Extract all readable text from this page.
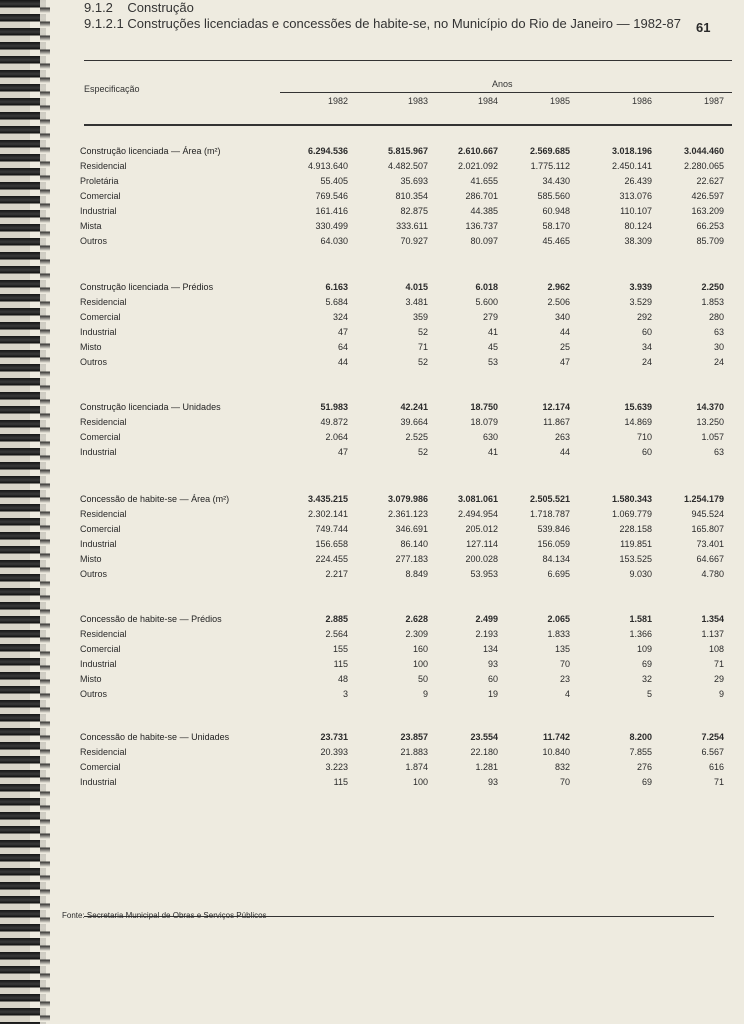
9.1.2 Construção
9.1.2.1 Construções licenciadas e concessões de habite-se, no Município do Rio de Janeiro — 1982-87 61
Especificação	Anos
1982	1983	1984	1985	1986	1987
Construção licenciada — Área (m²)	6.294.536	5.815.967	2.610.667	2.569.685	3.018.196	3.044.460
Residencial	4.913.640	4.482.507	2.021.092	1.775.112	2.450.141	2.280.065
Proletária	55.405	35.693	41.655	34.430	26.439	22.627
Comercial	769.546	810.354	286.701	585.560	313.076	426.597
Industrial	161.416	82.875	44.385	60.948	110.107	163.209
Mista	330.499	333.611	136.737	58.170	80.124	66.253
Outros	64.030	70.927	80.097	45.465	38.309	85.709
Construção licenciada — Prédios	6.163	4.015	6.018	2.962	3.939	2.250
Residencial	5.684	3.481	5.600	2.506	3.529	1.853
Comercial	324	359	279	340	292	280
Industrial	47	52	41	44	60	63
Misto	64	71	45	25	34	30
Outros	44	52	53	47	24	24
Construção licenciada — Unidades	51.983	42.241	18.750	12.174	15.639	14.370
Residencial	49.872	39.664	18.079	11.867	14.869	13.250
Comercial	2.064	2.525	630	263	710	1.057
Industrial	47	52	41	44	60	63
Concessão de habite-se — Área (m²)	3.435.215	3.079.986	3.081.061	2.505.521	1.580.343	1.254.179
Residencial	2.302.141	2.361.123	2.494.954	1.718.787	1.069.779	945.524
Comercial	749.744	346.691	205.012	539.846	228.158	165.807
Industrial	156.658	86.140	127.114	156.059	119.851	73.401
Misto	224.455	277.183	200.028	84.134	153.525	64.667
Outros	2.217	8.849	53.953	6.695	9.030	4.780
Concessão de habite-se — Prédios	2.885	2.628	2.499	2.065	1.581	1.354
Residencial	2.564	2.309	2.193	1.833	1.366	1.137
Comercial	155	160	134	135	109	108
Industrial	115	100	93	70	69	71
Misto	48	50	60	23	32	29
Outros	3	9	19	4	5	9
Concessão de habite-se — Unidades	23.731	23.857	23.554	11.742	8.200	7.254
Residencial	20.393	21.883	22.180	10.840	7.855	6.567
Comercial	3.223	1.874	1.281	832	276	616
Industrial	115	100	93	70	69	71
Fonte: Secretaria Municipal de Obras e Serviços Públicos
